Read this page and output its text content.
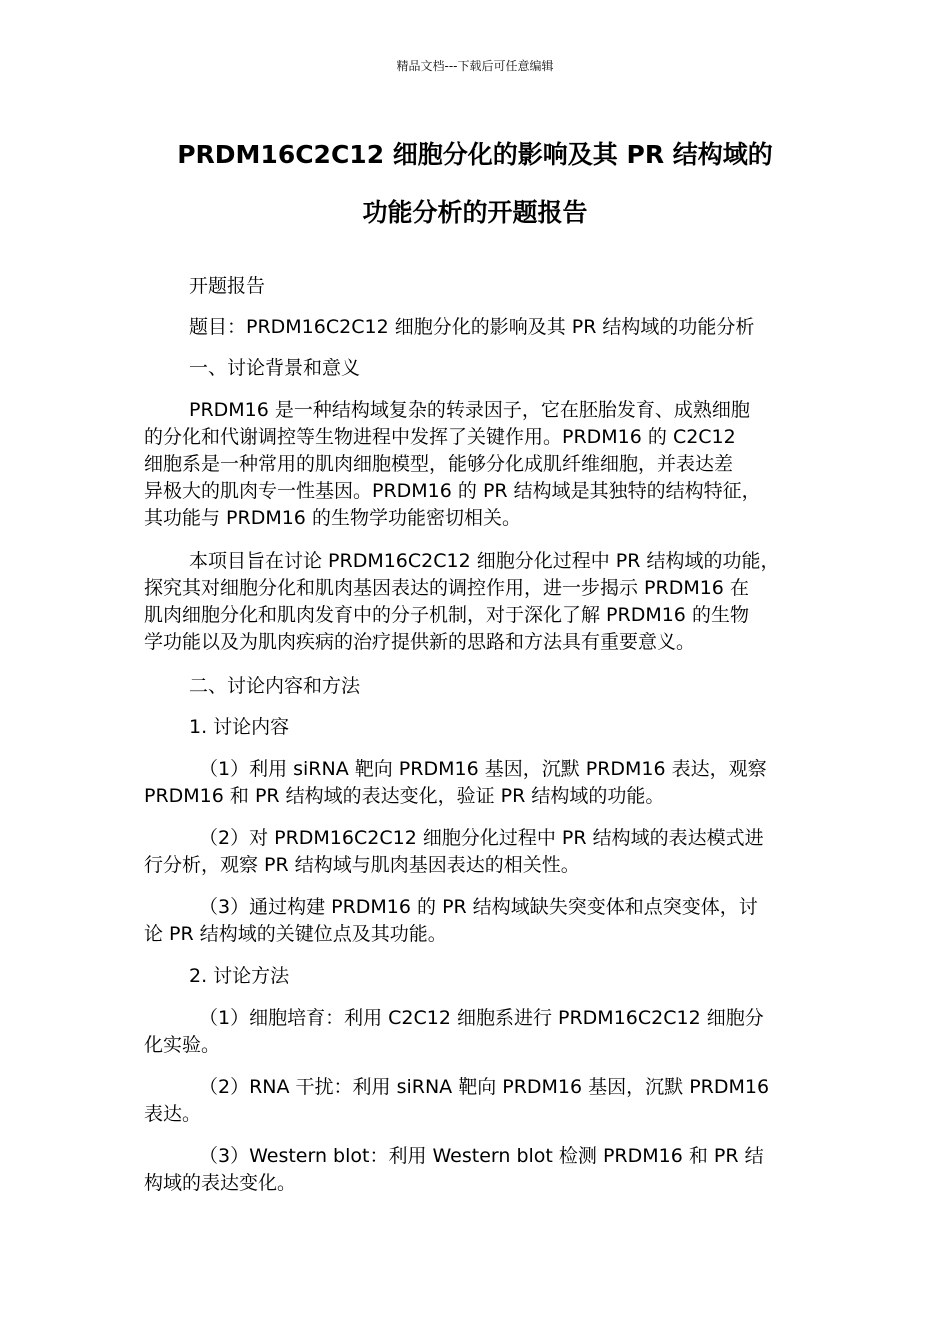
精品文档---下载后可任意编辑
PRDM16C2C12 细胞分化的影响及其 PR 结构域的
功能分析的开题报告
开题报告
题目：PRDM16C2C12 细胞分化的影响及其 PR 结构域的功能分析
一、讨论背景和意义
PRDM16 是一种结构域复杂的转录因子，它在胚胎发育、成熟细胞
的分化和代谢调控等生物进程中发挥了关键作用。PRDM16 的 C2C12
细胞系是一种常用的肌肉细胞模型，能够分化成肌纤维细胞，并表达差
异极大的肌肉专一性基因。PRDM16 的 PR 结构域是其独特的结构特征，
其功能与 PRDM16 的生物学功能密切相关。
本项目旨在讨论 PRDM16C2C12 细胞分化过程中 PR 结构域的功能，
探究其对细胞分化和肌肉基因表达的调控作用，进一步揭示 PRDM16 在
肌肉细胞分化和肌肉发育中的分子机制，对于深化了解 PRDM16 的生物
学功能以及为肌肉疾病的治疗提供新的思路和方法具有重要意义。
二、讨论内容和方法
1. 讨论内容
（1）利用 siRNA 靶向 PRDM16 基因，沉默 PRDM16 表达，观察
PRDM16 和 PR 结构域的表达变化，验证 PR 结构域的功能。
（2）对 PRDM16C2C12 细胞分化过程中 PR 结构域的表达模式进
行分析，观察 PR 结构域与肌肉基因表达的相关性。
（3）通过构建 PRDM16 的 PR 结构域缺失突变体和点突变体，讨
论 PR 结构域的关键位点及其功能。
2. 讨论方法
（1）细胞培育：利用 C2C12 细胞系进行 PRDM16C2C12 细胞分
化实验。
（2）RNA 干扰：利用 siRNA 靶向 PRDM16 基因，沉默 PRDM16
表达。
（3）Western blot：利用 Western blot 检测 PRDM16 和 PR 结
构域的表达变化。
